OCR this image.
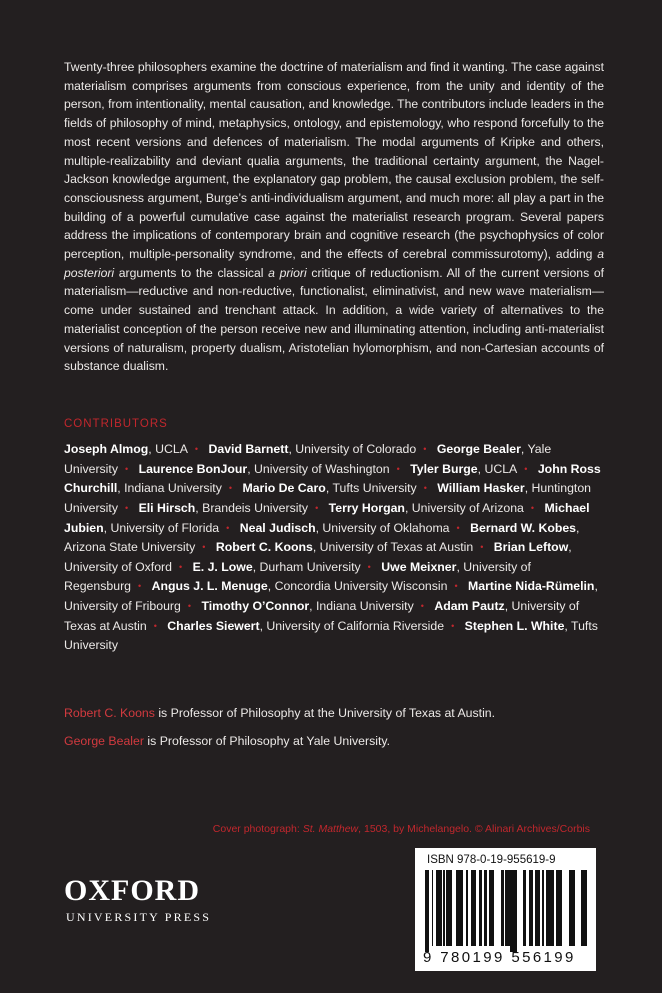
Twenty-three philosophers examine the doctrine of materialism and find it wanting. The case against materialism comprises arguments from conscious experience, from the unity and identity of the person, from intentionality, mental causation, and knowledge. The contributors include leaders in the fields of philosophy of mind, metaphysics, ontology, and epistemology, who respond forcefully to the most recent versions and defences of materialism. The modal arguments of Kripke and others, multiple-realizability and deviant qualia arguments, the traditional certainty argument, the Nagel-Jackson knowledge argument, the explanatory gap problem, the causal exclusion problem, the self-consciousness argument, Burge’s anti-individualism argument, and much more: all play a part in the building of a powerful cumulative case against the materialist research program. Several papers address the implications of contemporary brain and cognitive research (the psychophysics of color perception, multiple-personality syndrome, and the effects of cerebral commissurotomy), adding a posteriori arguments to the classical a priori critique of reductionism. All of the current versions of materialism—reductive and non-reductive, functionalist, eliminativist, and new wave materialism—come under sustained and trenchant attack. In addition, a wide variety of alternatives to the materialist conception of the person receive new and illuminating attention, including anti-materialist versions of naturalism, property dualism, Aristotelian hylomorphism, and non-Cartesian accounts of substance dualism.

CONTRIBUTORS

Joseph Almog, UCLA • David Barnett, University of Colorado • George Bealer, Yale University • Laurence BonJour, University of Washington • Tyler Burge, UCLA • John Ross Churchill, Indiana University • Mario De Caro, Tufts University • William Hasker, Huntington University • Eli Hirsch, Brandeis University • Terry Horgan, University of Arizona • Michael Jubien, University of Florida • Neal Judisch, University of Oklahoma • Bernard W. Kobes, Arizona State University • Robert C. Koons, University of Texas at Austin • Brian Leftow, University of Oxford • E. J. Lowe, Durham University • Uwe Meixner, University of Regensburg • Angus J. L. Menuge, Concordia University Wisconsin • Martine Nida-Rümelin, University of Fribourg • Timothy O’Connor, Indiana University • Adam Pautz, University of Texas at Austin • Charles Siewert, University of California Riverside • Stephen L. White, Tufts University

Robert C. Koons is Professor of Philosophy at the University of Texas at Austin.

George Bealer is Professor of Philosophy at Yale University.

Cover photograph: St. Matthew, 1503, by Michelangelo. © Alinari Archives/Corbis

OXFORD
UNIVERSITY PRESS

ISBN 978-0-19-955619-9

9 780199 556199
